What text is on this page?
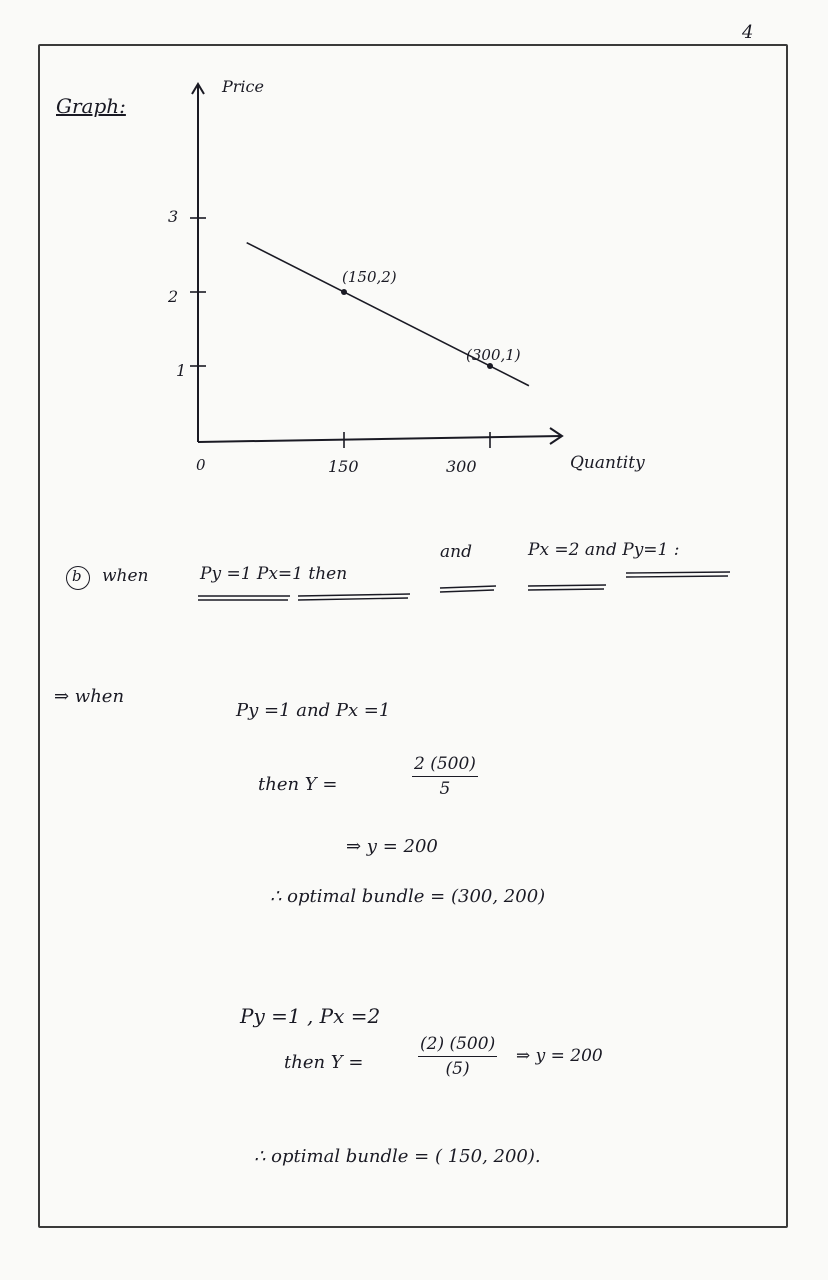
4
Graph:
Price
Quantity
0
3
2
1
150	300
(150,2)
(300,1)
b when	Py =1 Px=1 then
and	Px =2 and Py=1 :
⇒ when
Py =1 and Px =1
then Y =	$\frac{2 (500)}{5}$
⇒ y = 200
∴ optimal bundle = (300, 200)
Py =1 , Px =2
then Y =	$\frac{(2) (500)}{(5)}$ ⇒ y = 200
∴ optimal bundle = ( 150, 200).
